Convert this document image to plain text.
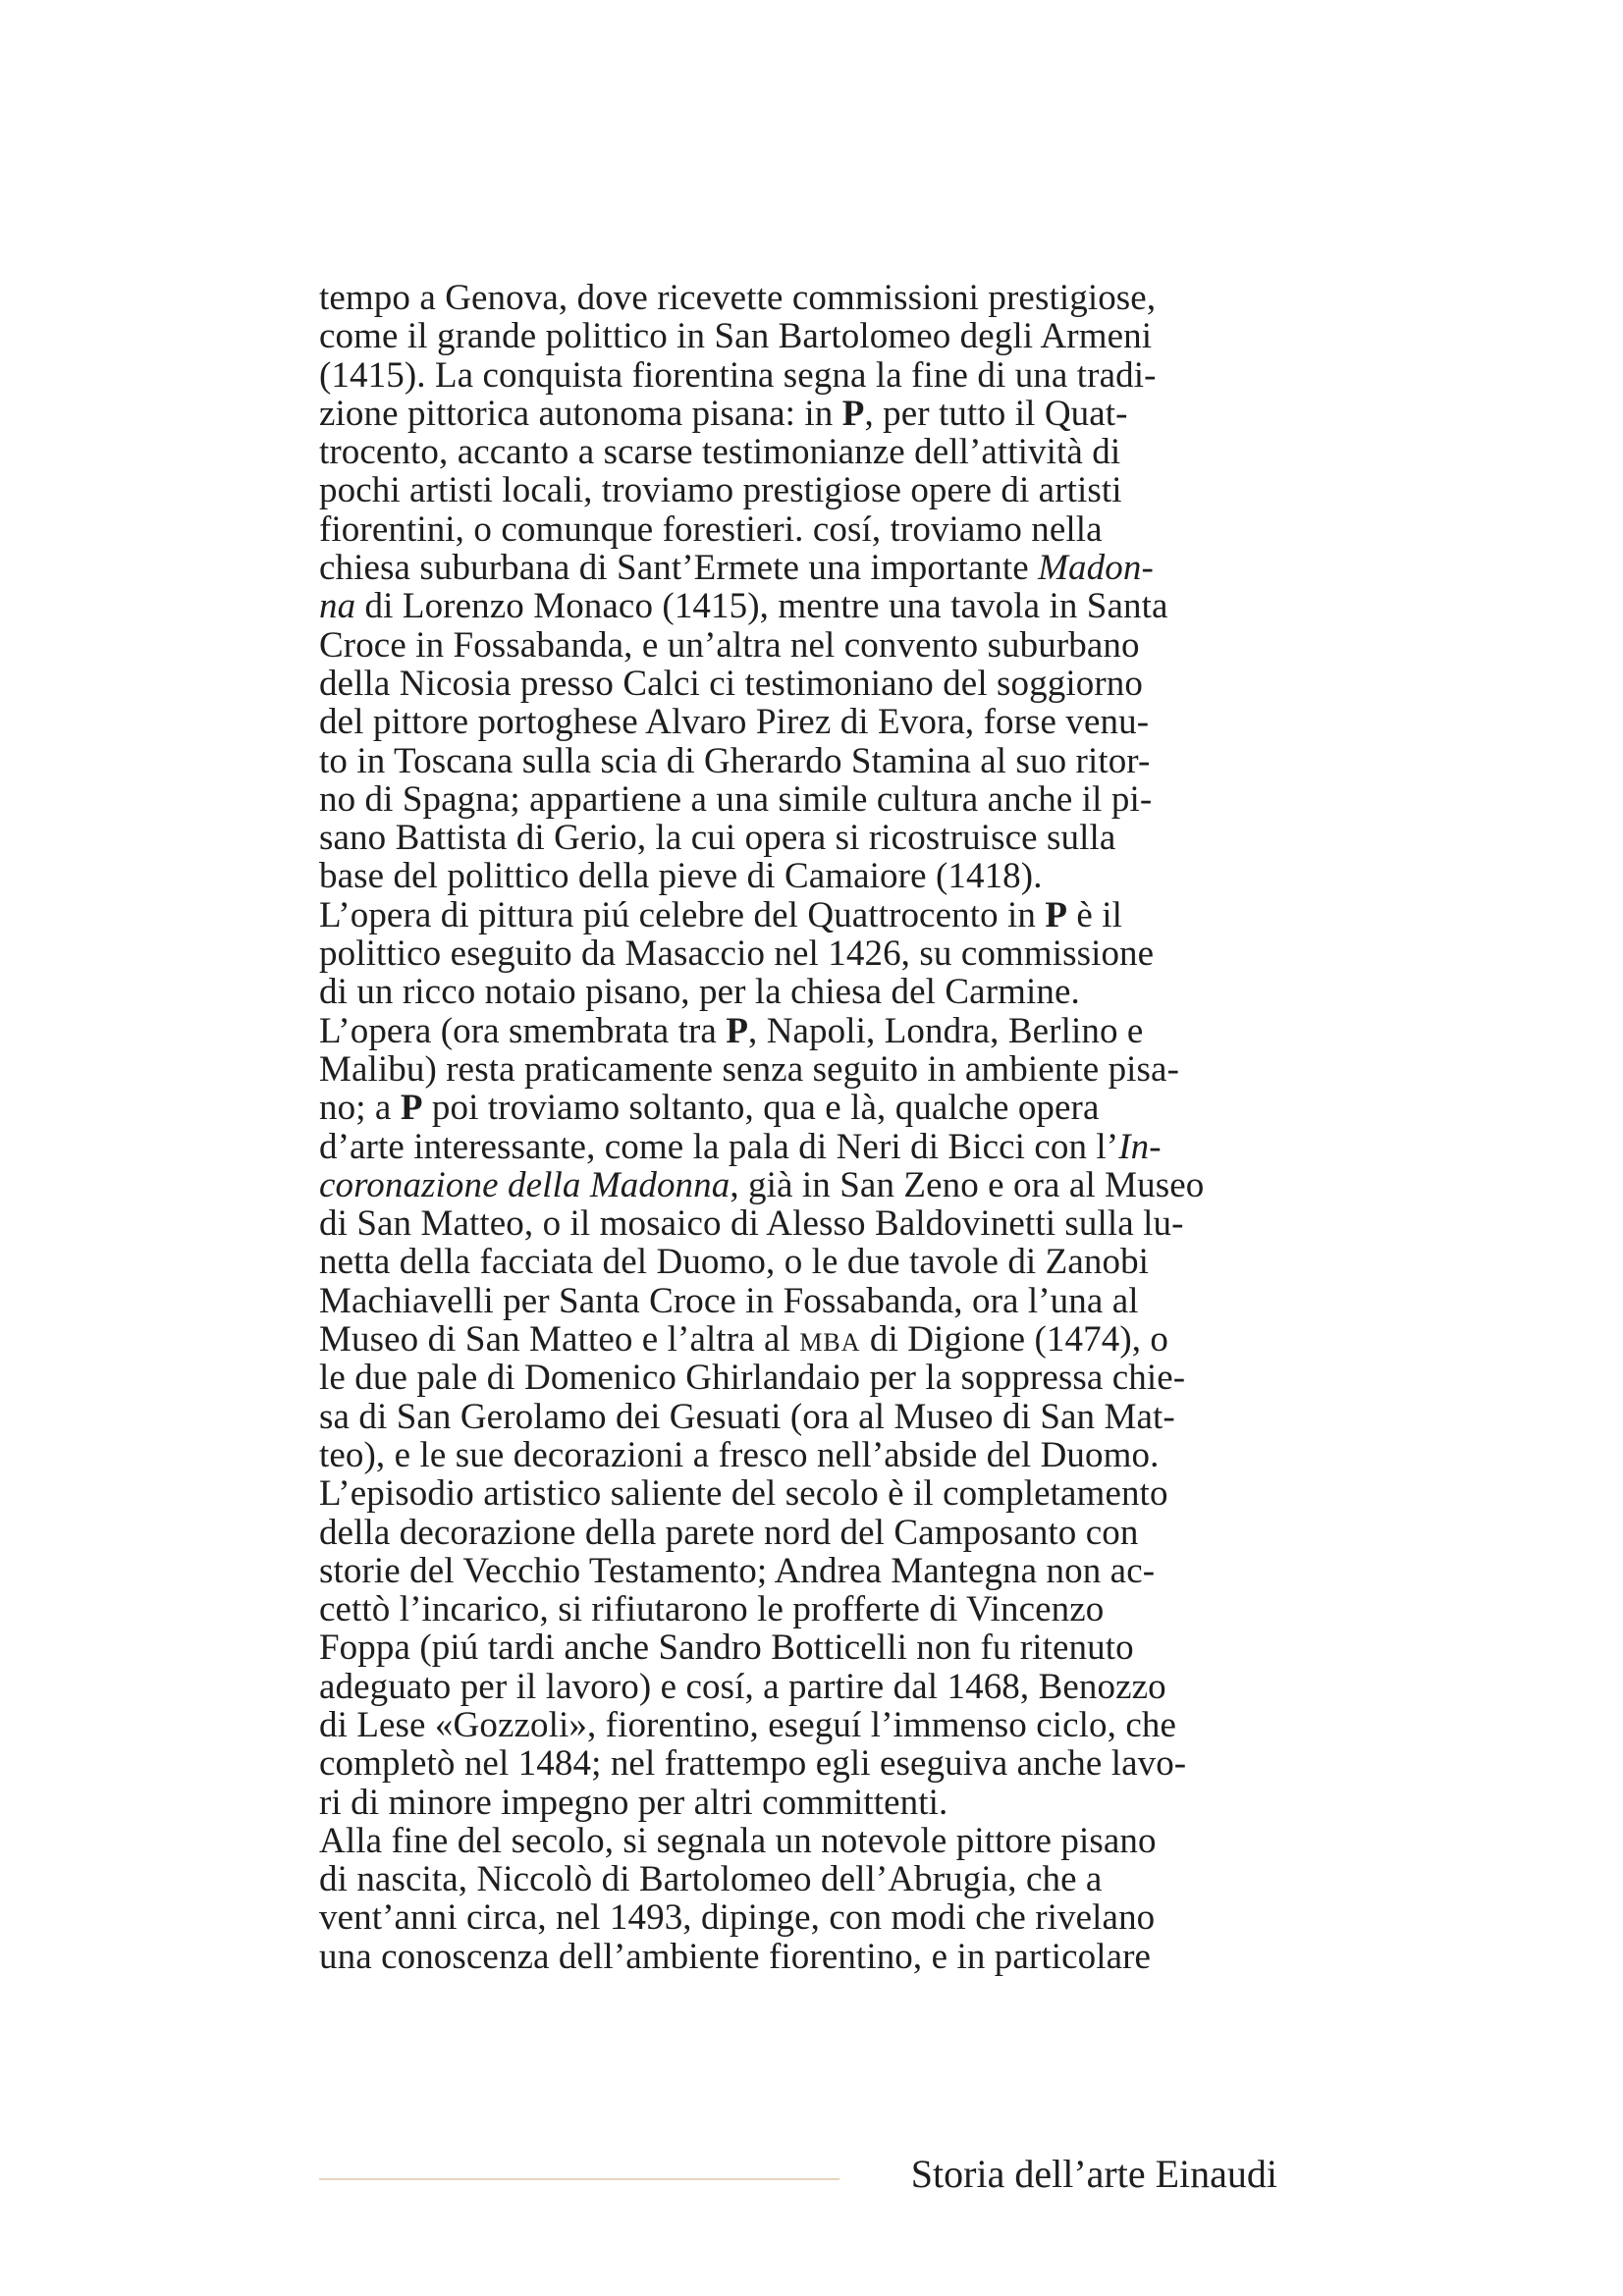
tempo a Genova, dove ricevette commissioni prestigiose,
come il grande polittico in San Bartolomeo degli Armeni
(1415). La conquista fiorentina segna la fine di una tradi-
zione pittorica autonoma pisana: in P, per tutto il Quat-
trocento, accanto a scarse testimonianze dell’attività di
pochi artisti locali, troviamo prestigiose opere di artisti
fiorentini, o comunque forestieri. cosí, troviamo nella
chiesa suburbana di Sant’Ermete una importante Madon-
na di Lorenzo Monaco (1415), mentre una tavola in Santa
Croce in Fossabanda, e un’altra nel convento suburbano
della Nicosia presso Calci ci testimoniano del soggiorno
del pittore portoghese Alvaro Pirez di Evora, forse venu-
to in Toscana sulla scia di Gherardo Stamina al suo ritor-
no di Spagna; appartiene a una simile cultura anche il pi-
sano Battista di Gerio, la cui opera si ricostruisce sulla
base del polittico della pieve di Camaiore (1418).
L’opera di pittura piú celebre del Quattrocento in P è il
polittico eseguito da Masaccio nel 1426, su commissione
di un ricco notaio pisano, per la chiesa del Carmine.
L’opera (ora smembrata tra P, Napoli, Londra, Berlino e
Malibu) resta praticamente senza seguito in ambiente pisa-
no; a P poi troviamo soltanto, qua e là, qualche opera
d’arte interessante, come la pala di Neri di Bicci con l’In-
coronazione della Madonna, già in San Zeno e ora al Museo
di San Matteo, o il mosaico di Alesso Baldovinetti sulla lu-
netta della facciata del Duomo, o le due tavole di Zanobi
Machiavelli per Santa Croce in Fossabanda, ora l’una al
Museo di San Matteo e l’altra al mba di Digione (1474), o
le due pale di Domenico Ghirlandaio per la soppressa chie-
sa di San Gerolamo dei Gesuati (ora al Museo di San Mat-
teo), e le sue decorazioni a fresco nell’abside del Duomo.
L’episodio artistico saliente del secolo è il completamento
della decorazione della parete nord del Camposanto con
storie del Vecchio Testamento; Andrea Mantegna non ac-
cettò l’incarico, si rifiutarono le profferte di Vincenzo
Foppa (piú tardi anche Sandro Botticelli non fu ritenuto
adeguato per il lavoro) e cosí, a partire dal 1468, Benozzo
di Lese «Gozzoli», fiorentino, eseguí l’immenso ciclo, che
completò nel 1484; nel frattempo egli eseguiva anche lavo-
ri di minore impegno per altri committenti.
Alla fine del secolo, si segnala un notevole pittore pisano
di nascita, Niccolò di Bartolomeo dell’Abrugia, che a
vent’anni circa, nel 1493, dipinge, con modi che rivelano
una conoscenza dell’ambiente fiorentino, e in particolare
Storia dell’arte Einaudi
